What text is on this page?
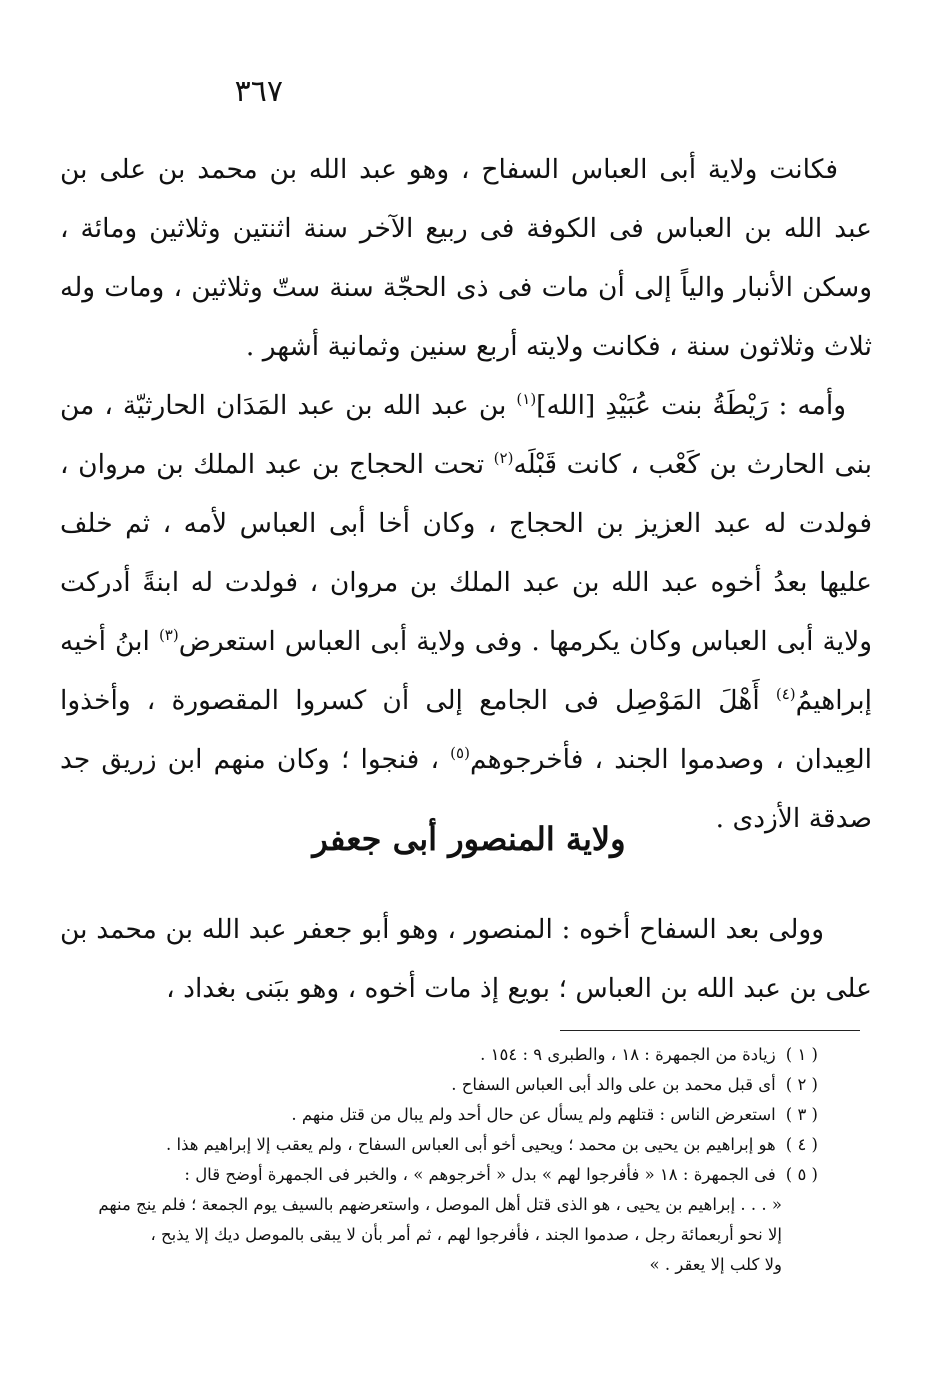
٣٦٧

فكانت ولاية أبى العباس السفاح ، وهو عبد الله بن محمد بن على بن عبد الله بن العباس فى الكوفة فى ربيع الآخر سنة اثنتين وثلاثين ومائة ، وسكن الأنبار والياً إلى أن مات فى ذى الحجّة سنة ستّ وثلاثين ، ومات وله ثلاث وثلاثون سنة ، فكانت ولايته أربع سنين وثمانية أشهر .

وأمه : رَيْطَةُ بنت عُبَيْدِ [الله]$^{(١)}$ بن عبد الله بن عبد المَدَان الحارثيّة ، من بنى الحارث بن كَعْب ، كانت قَبْلَه$^{(٢)}$ تحت الحجاج بن عبد الملك بن مروان ، فولدت له عبد العزيز بن الحجاج ، وكان أخا أبى العباس لأمه ، ثم خلف عليها بعدُ أخوه عبد الله بن عبد الملك بن مروان ، فولدت له ابنةً أدركت ولاية أبى العباس وكان يكرمها . وفى ولاية أبى العباس استعرض$^{(٣)}$ ابنُ أخيه إبراهيمُ$^{(٤)}$ أَهْلَ المَوْصِل فى الجامع إلى أن كسروا المقصورة ، وأخذوا العِيدان ، وصدموا الجند ، فأخرجوهم$^{(٥)}$ ، فنجوا ؛ وكان منهم ابن زريق جد صدقة الأزدى .

ولاية المنصور أبى جعفر

وولى بعد السفاح أخوه : المنصور ، وهو أبو جعفر عبد الله بن محمد بن على بن عبد الله بن العباس ؛ بويع إذ مات أخوه ، وهو ببَنى بغداد ،

( ١ )زيادة من الجمهرة : ١٨ ، والطبرى ٩ : ١٥٤ .

( ٢ )أى قبل محمد بن على والد أبى العباس السفاح .

( ٣ )استعرض الناس : قتلهم ولم يسأل عن حال أحد ولم يبال من قتل منهم .

( ٤ )هو إبراهيم بن يحيى بن محمد ؛ ويحيى أخو أبى العباس السفاح ، ولم يعقب إلا إبراهيم هذا .

( ٥ )فى الجمهرة : ١٨ « فأفرجوا لهم » بدل « أخرجوهم » ، والخبر فى الجمهرة أوضح قال :

« . . . إبراهيم بن يحيى ، هو الذى قتل أهل الموصل ، واستعرضهم بالسيف يوم الجمعة ؛ فلم ينج منهم

إلا نحو أربعمائة رجل ، صدموا الجند ، فأفرجوا لهم ، ثم أمر بأن لا يبقى بالموصل ديك إلا يذبح ،

ولا كلب إلا يعقر . »
